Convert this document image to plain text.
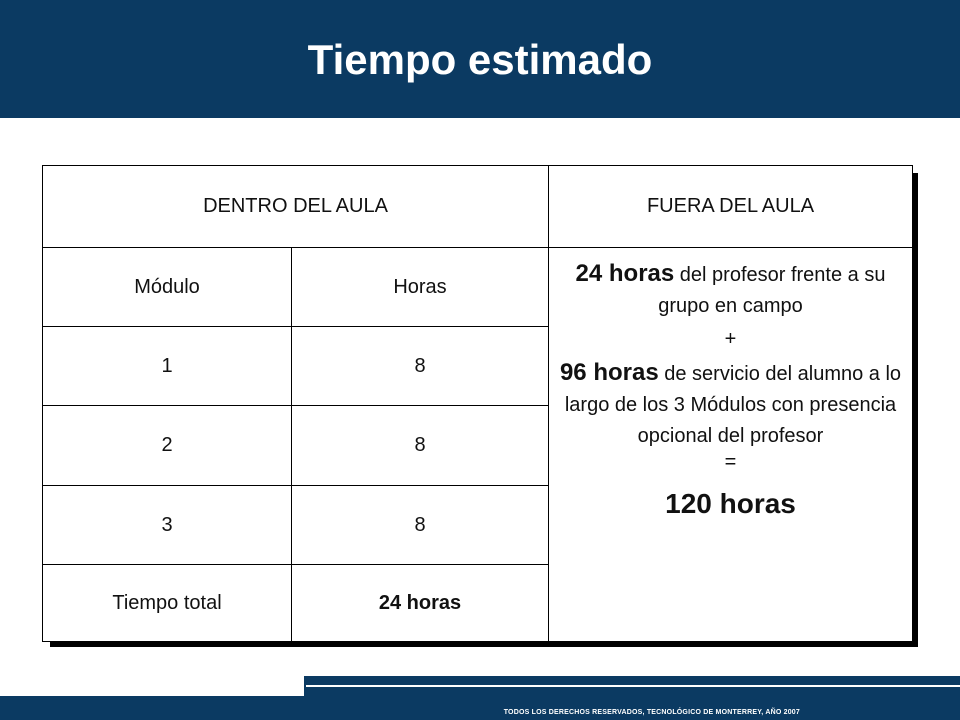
Tiempo estimado
DENTRO DEL AULA		FUERA DEL AULA
Módulo	Horas	24 horas del profesor frente a su grupo en campo
+
96 horas de servicio del alumno a lo largo de los 3 Módulos con presencia opcional del profesor
=
120 horas

1	8	
2	8	
3	8	
Tiempo total	24 horas	
TODOS LOS DERECHOS RESERVADOS, TECNOLÓGICO DE MONTERREY, AÑO 2007
